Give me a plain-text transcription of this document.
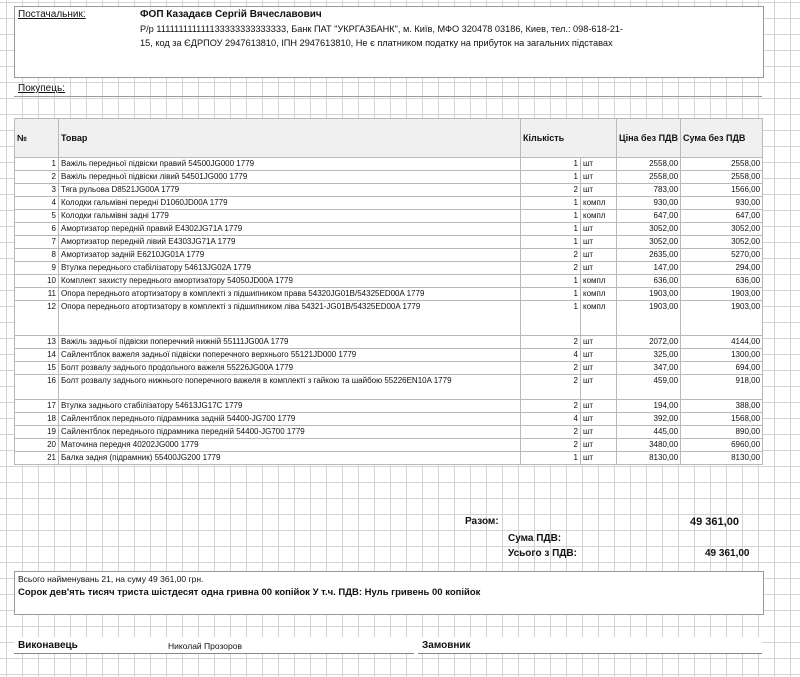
Постачальник:	ФОП Казадаєв Сергій Вячеславович
Р/р 111111111111133333333333333, Банк ПАТ "УКРГАЗБАНК", м. Київ, МФО 320478 03186, Киев, тел.: 098-618-21-
15, код за ЄДРПОУ 2947613810, ІПН 2947613810, Не є платником податку на прибуток на загальних підставах
Покупець:
№	Товар	Кількість		Ціна без ПДВ	Сума без ПДВ
1	Важіль передньої підвіски правий 54500JG000 1779	1	шт	2558,00	2558,00
2	Важіль передньої підвіски лівий 54501JG000 1779	1	шт	2558,00	2558,00
3	Тяга рульова D8521JG00A 1779	2	шт	783,00	1566,00
4	Колодки гальмівні передні D1060JD00A 1779	1	компл	930,00	930,00
5	Колодки гальмівні задні 1779	1	компл	647,00	647,00
6	Амортизатор передній правий E4302JG71A 1779	1	шт	3052,00	3052,00
7	Амортизатор передній лівий E4303JG71A 1779	1	шт	3052,00	3052,00
8	Амортизатор задній E6210JG01A 1779	2	шт	2635,00	5270,00
9	Втулка переднього стабілізатору 54613JG02A 1779	2	шт	147,00	294,00
10	Комплект захисту переднього амортизатору 54050JD00A 1779	1	компл	636,00	636,00
11	Опора переднього атортизатору в комплекті з підшипником права 54320JG01B/54325ED00A 1779	1	компл	1903,00	1903,00
12	Опора переднього атортизатору в комплекті з підшипником ліва 54321-JG01B/54325ED00A 1779	1	компл	1903,00	1903,00
13	Важіль задньої підвіски поперечний нижній 55111JG00A 1779	2	шт	2072,00	4144,00
14	Сайлентблок важеля задньої підвіски поперечного верхнього 55121JD000 1779	4	шт	325,00	1300,00
15	Болт розвалу заднього продольного важеля 55226JG00A 1779	2	шт	347,00	694,00
16	Болт розвалу заднього нижнього поперечного важеля в комплекті з гайкою та шайбою 55226EN10A 1779	2	шт	459,00	918,00
17	Втулка заднього стабілізатору 54613JG17C 1779	2	шт	194,00	388,00
18	Сайлентблок переднього підрамника задній 54400-JG700 1779	4	шт	392,00	1568,00
19	Сайлентблок переднього підрамника передній 54400-JG700 1779	2	шт	445,00	890,00
20	Маточина передня 40202JG000 1779	2	шт	3480,00	6960,00
21	Балка задня (підрамник) 55400JG200 1779	1	шт	8130,00	8130,00
Разом:	49 361,00
Сума ПДВ:
Усього з ПДВ:	49 361,00
Всього найменувань 21, на суму 49 361,00 грн.
Сорок дев'ять тисяч триста шістдесят одна гривна 00 копійок У т.ч. ПДВ: Нуль гривень 00 копійок
Виконавець	Николай Прозоров	Замовник
